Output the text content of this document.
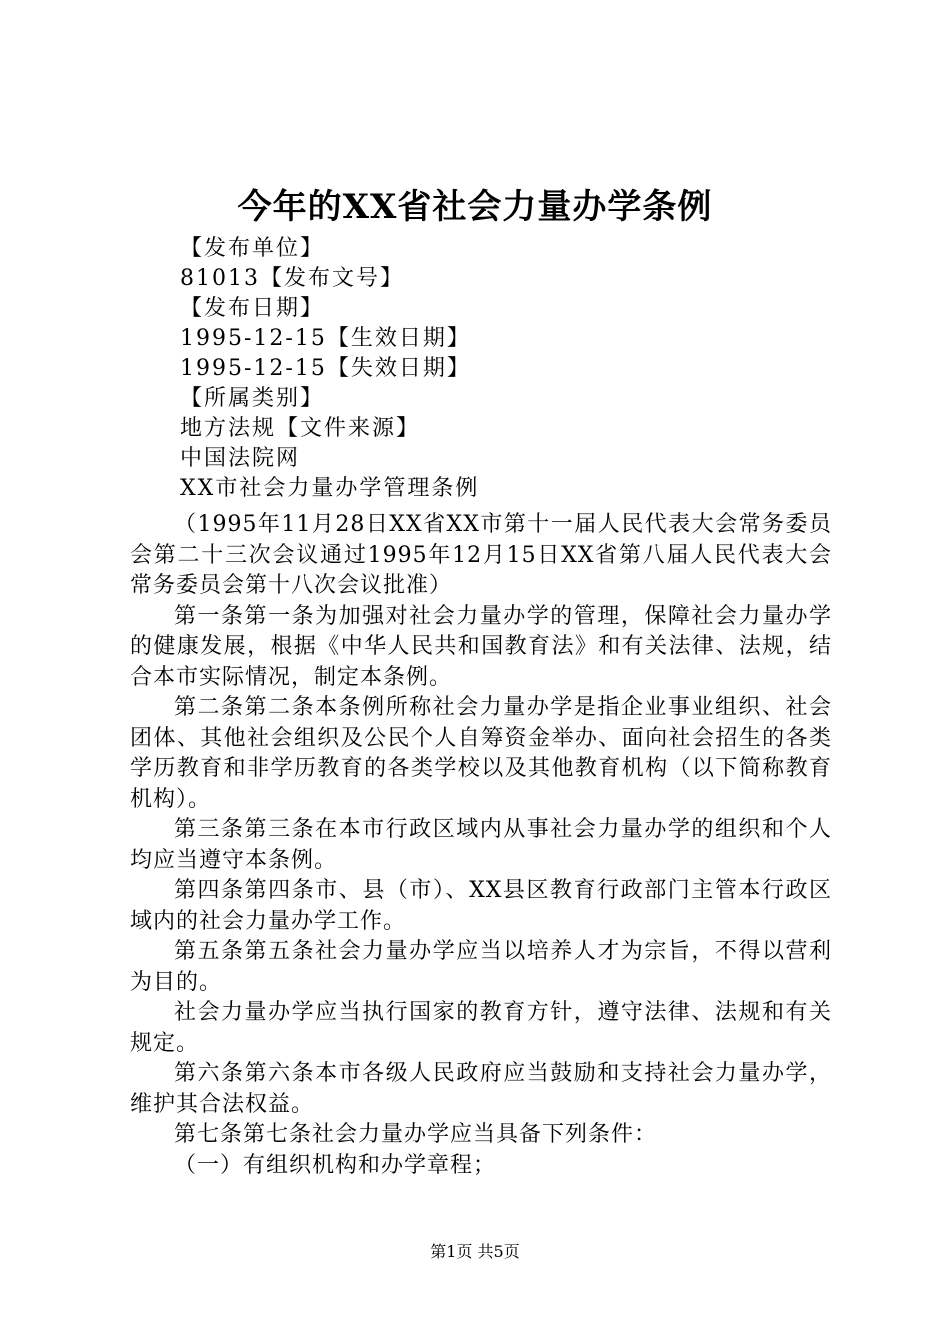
今年的XX省社会力量办学条例
【发布单位】
81013【发布文号】
【发布日期】
1995-12-15【生效日期】
1995-12-15【失效日期】
【所属类别】
地方法规【文件来源】
中国法院网
XX市社会力量办学管理条例

（1995年11月28日XX省XX市第十一届人民代表大会常务委员会第二十三次会议通过1995年12月15日XX省第八届人民代表大会常务委员会第十八次会议批准）

第一条第一条为加强对社会力量办学的管理，保障社会力量办学的健康发展，根据《中华人民共和国教育法》和有关法律、法规，结合本市实际情况，制定本条例。

第二条第二条本条例所称社会力量办学是指企业事业组织、社会团体、其他社会组织及公民个人自筹资金举办、面向社会招生的各类学历教育和非学历教育的各类学校以及其他教育机构（以下简称教育机构）。

第三条第三条在本市行政区域内从事社会力量办学的组织和个人均应当遵守本条例。

第四条第四条市、县（市）、XX县区教育行政部门主管本行政区域内的社会力量办学工作。

第五条第五条社会力量办学应当以培养人才为宗旨，不得以营利为目的。

社会力量办学应当执行国家的教育方针，遵守法律、法规和有关规定。

第六条第六条本市各级人民政府应当鼓励和支持社会力量办学，维护其合法权益。

第七条第七条社会力量办学应当具备下列条件：

（一）有组织机构和办学章程；

第1页 共5页
